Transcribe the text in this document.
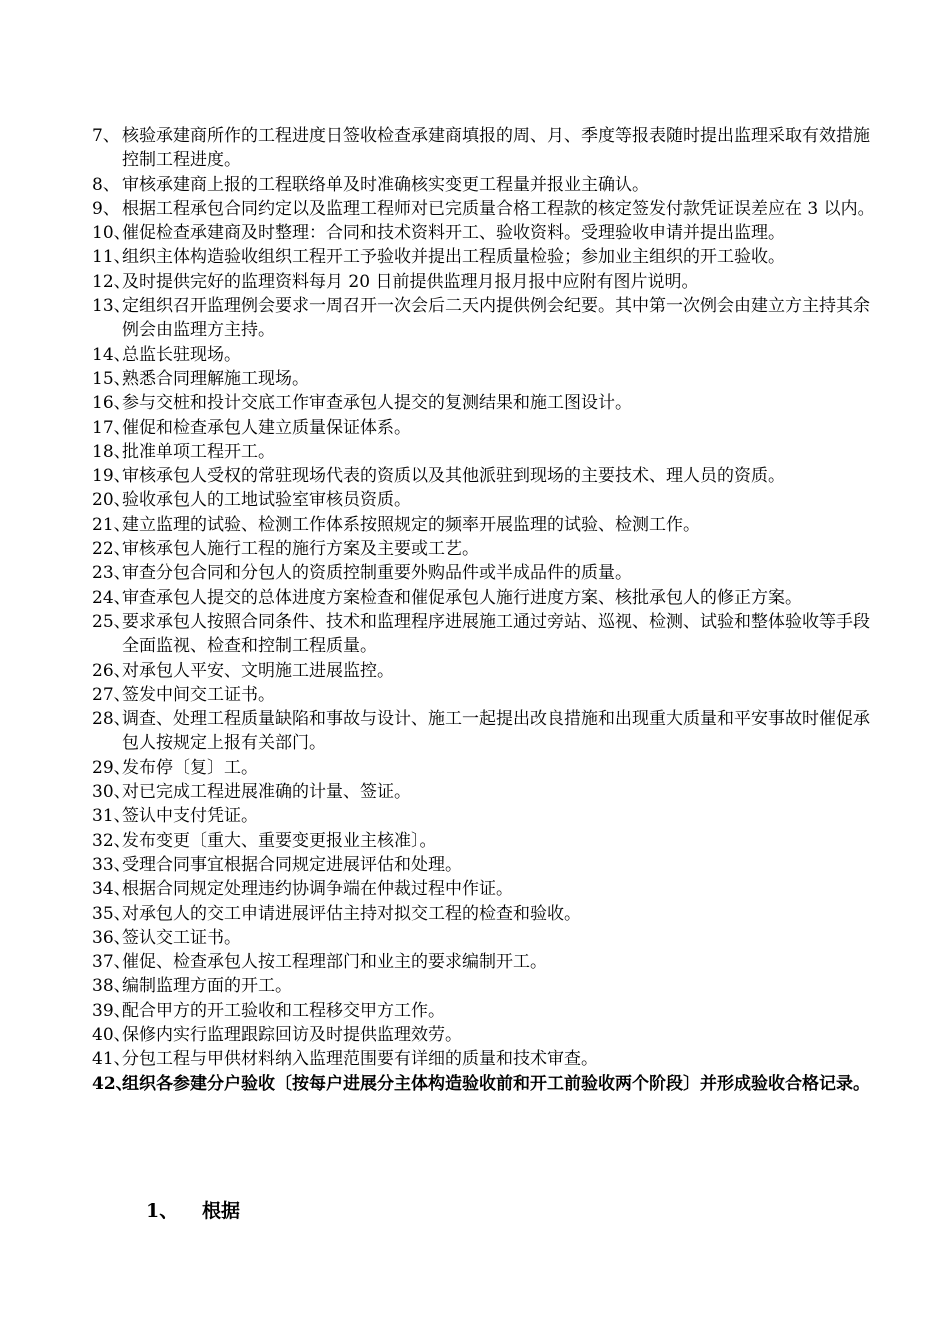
7、 核验承建商所作的工程进度日签收检查承建商填报的周、月、季度等报表随时提出监理采取有效措施控制工程进度。
8、 审核承建商上报的工程联络单及时准确核实变更工程量并报业主确认。
9、 根据工程承包合同约定以及监理工程师对已完质量合格工程款的核定签发付款凭证误差应在 3 以内。
10、
催促检查承建商及时整理：合同和技术资料开工、验收资料。受理验收申请并提出监理。
11、
组织主体构造验收组织工程开工予验收并提出工程质量检验；参加业主组织的开工验收。
12、
及时提供完好的监理资料每月 20 日前提供监理月报月报中应附有图片说明。
13、
定组织召开监理例会要求一周召开一次会后二天内提供例会纪要。其中第一次例会由建立方主持其余例会由监理方主持。
14、
总监长驻现场。
15、
熟悉合同理解施工现场。
16、
参与交桩和投计交底工作审查承包人提交的复测结果和施工图设计。
17、
催促和检查承包人建立质量保证体系。
18、
批准单项工程开工。
19、
审核承包人受权的常驻现场代表的资质以及其他派驻到现场的主要技术、理人员的资质。
20、
验收承包人的工地试验室审核员资质。
21、
建立监理的试验、检测工作体系按照规定的频率开展监理的试验、检测工作。
22、
审核承包人施行工程的施行方案及主要或工艺。
23、
审查分包合同和分包人的资质控制重要外购品件或半成品件的质量。
24、
审查承包人提交的总体进度方案检查和催促承包人施行进度方案、核批承包人的修正方案。
25、
要求承包人按照合同条件、技术和监理程序进展施工通过旁站、巡视、检测、试验和整体验收等手段全面监视、检查和控制工程质量。
26、
对承包人平安、文明施工进展监控。
27、
签发中间交工证书。
28、
调查、处理工程质量缺陷和事故与设计、施工一起提出改良措施和出现重大质量和平安事故时催促承包人按规定上报有关部门。
29、
发布停〔复〕工。
30、
对已完成工程进展准确的计量、签证。
31、
签认中支付凭证。
32、
发布变更〔重大、重要变更报业主核准〕。
33、
受理合同事宜根据合同规定进展评估和处理。
34、
根据合同规定处理违约协调争端在仲裁过程中作证。
35、
对承包人的交工申请进展评估主持对拟交工程的检查和验收。
36、
签认交工证书。
37、
催促、检查承包人按工程理部门和业主的要求编制开工。
38、
编制监理方面的开工。
39、
配合甲方的开工验收和工程移交甲方工作。
40、
保修内实行监理跟踪回访及时提供监理效劳。
41、
分包工程与甲供材料纳入监理范围要有详细的质量和技术审查。
42、
组织各参建分户验收〔按每户进展分主体构造验收前和开工前验收两个阶段〕并形成验收合格记录。
1、 根据
